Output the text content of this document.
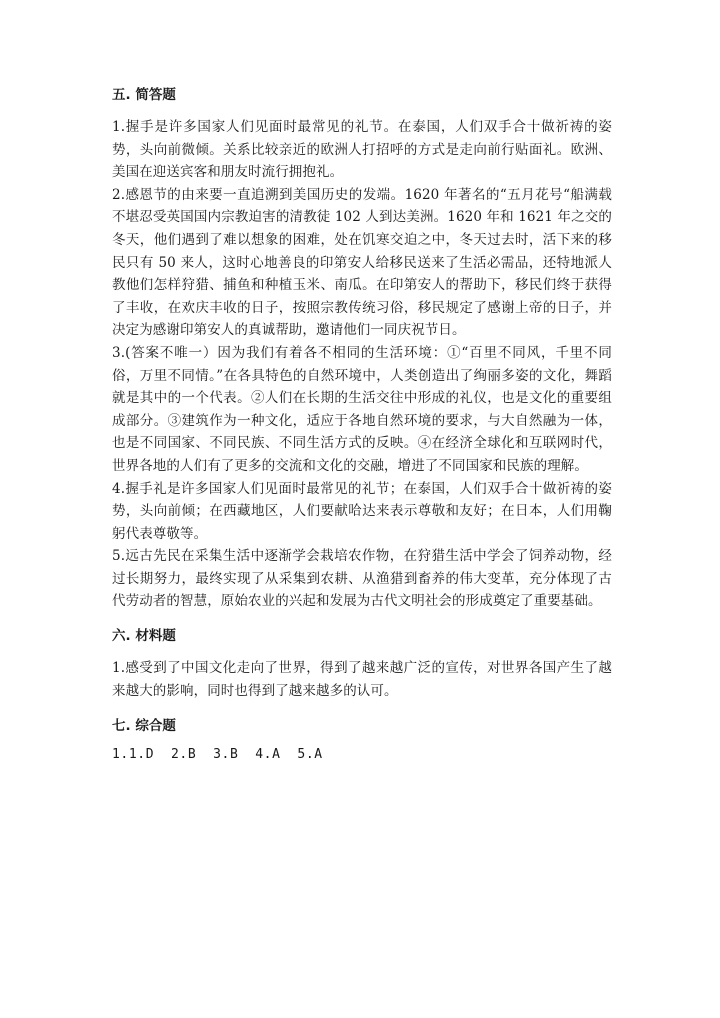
五. 简答题

1.握手是许多国家人们见面时最常见的礼节。在泰国，人们双手合十做祈祷的姿势，头向前微倾。关系比较亲近的欧洲人打招呼的方式是走向前行贴面礼。欧洲、美国在迎送宾客和朋友时流行拥抱礼。

2.感恩节的由来要一直追溯到美国历史的发端。1620 年著名的“五月花号“船满载不堪忍受英国国内宗教迫害的清教徒 102 人到达美洲。1620 年和 1621 年之交的冬天，他们遇到了难以想象的困难，处在饥寒交迫之中，冬天过去时，活下来的移民只有 50 来人，这时心地善良的印第安人给移民送来了生活必需品，还特地派人教他们怎样狩猎、捕鱼和种植玉米、南瓜。在印第安人的帮助下，移民们终于获得了丰收，在欢庆丰收的日子，按照宗教传统习俗，移民规定了感谢上帝的日子，并决定为感谢印第安人的真诚帮助，邀请他们一同庆祝节日。

3.(答案不唯一）因为我们有着各不相同的生活环境：①“百里不同风，千里不同俗，万里不同情。”在各具特色的自然环境中，人类创造出了绚丽多姿的文化，舞蹈就是其中的一个代表。②人们在长期的生活交往中形成的礼仪，也是文化的重要组成部分。③建筑作为一种文化，适应于各地自然环境的要求，与大自然融为一体，也是不同国家、不同民族、不同生活方式的反映。④在经济全球化和互联网时代，世界各地的人们有了更多的交流和文化的交融，增进了不同国家和民族的理解。

4.握手礼是许多国家人们见面时最常见的礼节；在泰国，人们双手合十做祈祷的姿势，头向前倾；在西藏地区，人们要献哈达来表示尊敬和友好；在日本，人们用鞠躬代表尊敬等。

5.远古先民在采集生活中逐渐学会栽培农作物，在狩猎生活中学会了饲养动物，经过长期努力，最终实现了从采集到农耕、从渔猎到畜养的伟大变革，充分体现了古代劳动者的智慧，原始农业的兴起和发展为古代文明社会的形成奠定了重要基础。

六. 材料题

1.感受到了中国文化走向了世界，得到了越来越广泛的宣传，对世界各国产生了越来越大的影响，同时也得到了越来越多的认可。

七. 综合题
1.1.D  2.B  3.B  4.A  5.A
